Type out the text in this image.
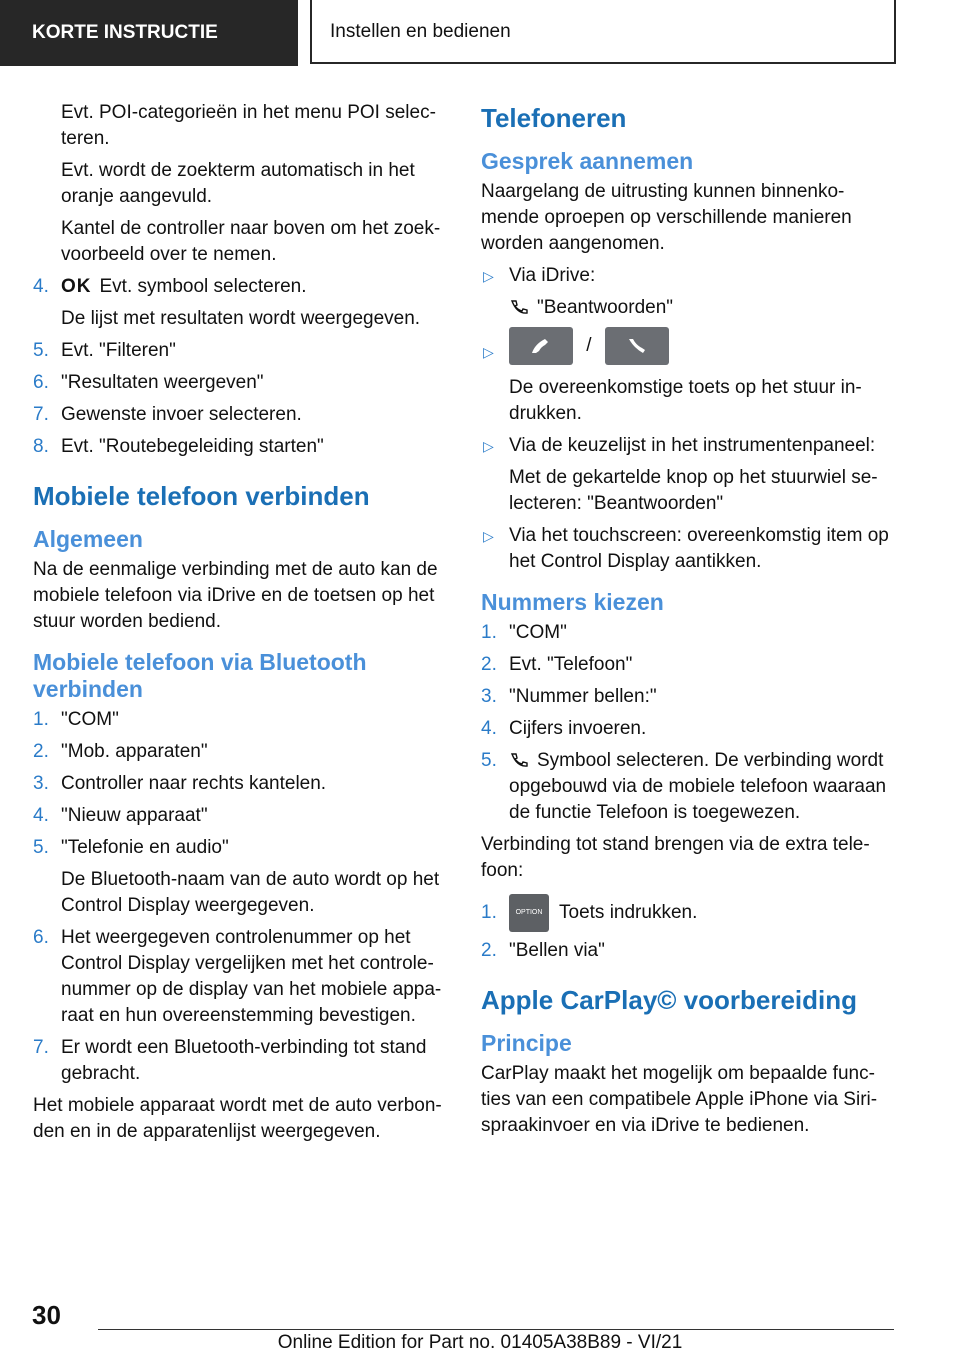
KORTE INSTRUCTIE	Instellen en bedienen

Evt. POI-categorieën in het menu POI selec-teren.

Evt. wordt de zoekterm automatisch in het oranje aangevuld.

Kantel de controller naar boven om het zoek-voorbeeld over te nemen.

4. OK Evt. symbool selecteren.

De lijst met resultaten wordt weergegeven.

5. Evt. "Filteren"
6. "Resultaten weergeven"
7. Gewenste invoer selecteren.
8. Evt. "Routebegeleiding starten"
Mobiele telefoon verbinden
Algemeen

Na de eenmalige verbinding met de auto kan de mobiele telefoon via iDrive en de toetsen op het stuur worden bediend.

Mobiele telefoon via Bluetooth verbinden
1. "COM"
2. "Mob. apparaten"
3. Controller naar rechts kantelen.
4. "Nieuw apparaat"
5. "Telefonie en audio"

De Bluetooth-naam van de auto wordt op het Control Display weergegeven.

6. Het weergegeven controlenummer op het Control Display vergelijken met het controle-nummer op de display van het mobiele appa-raat en hun overeenstemming bevestigen.
7. Er wordt een Bluetooth-verbinding tot stand gebracht.

Het mobiele apparaat wordt met de auto verbon-den en in de apparatenlijst weergegeven.

Telefoneren
Gesprek aannemen

Naargelang de uitrusting kunnen binnenko-mende oproepen op verschillende manieren worden aangenomen.

▷ Via iDrive:

"Beantwoorden"

▷	/

De overeenkomstige toets op het stuur in-drukken.

▷ Via de keuzelijst in het instrumentenpaneel:

Met de gekartelde knop op het stuurwiel se-lecteren: "Beantwoorden"

▷ Via het touchscreen: overeenkomstig item op het Control Display aantikken.
Nummers kiezen
1. "COM"
2. Evt. "Telefoon"
3. "Nummer bellen:"
4. Cijfers invoeren.
5. Symbool selecteren. De verbinding wordt opgebouwd via de mobiele telefoon waaraan de functie Telefoon is toegewezen.

Verbinding tot stand brengen via de extra tele-foon:

1.	OPTION Toets indrukken.
2. "Bellen via"
Apple CarPlay© voorbereiding
Principe

CarPlay maakt het mogelijk om bepaalde func-ties van een compatibele Apple iPhone via Siri-spraakinvoer en via iDrive te bedienen.

30
Online Edition for Part no. 01405A38B89 - VI/21
